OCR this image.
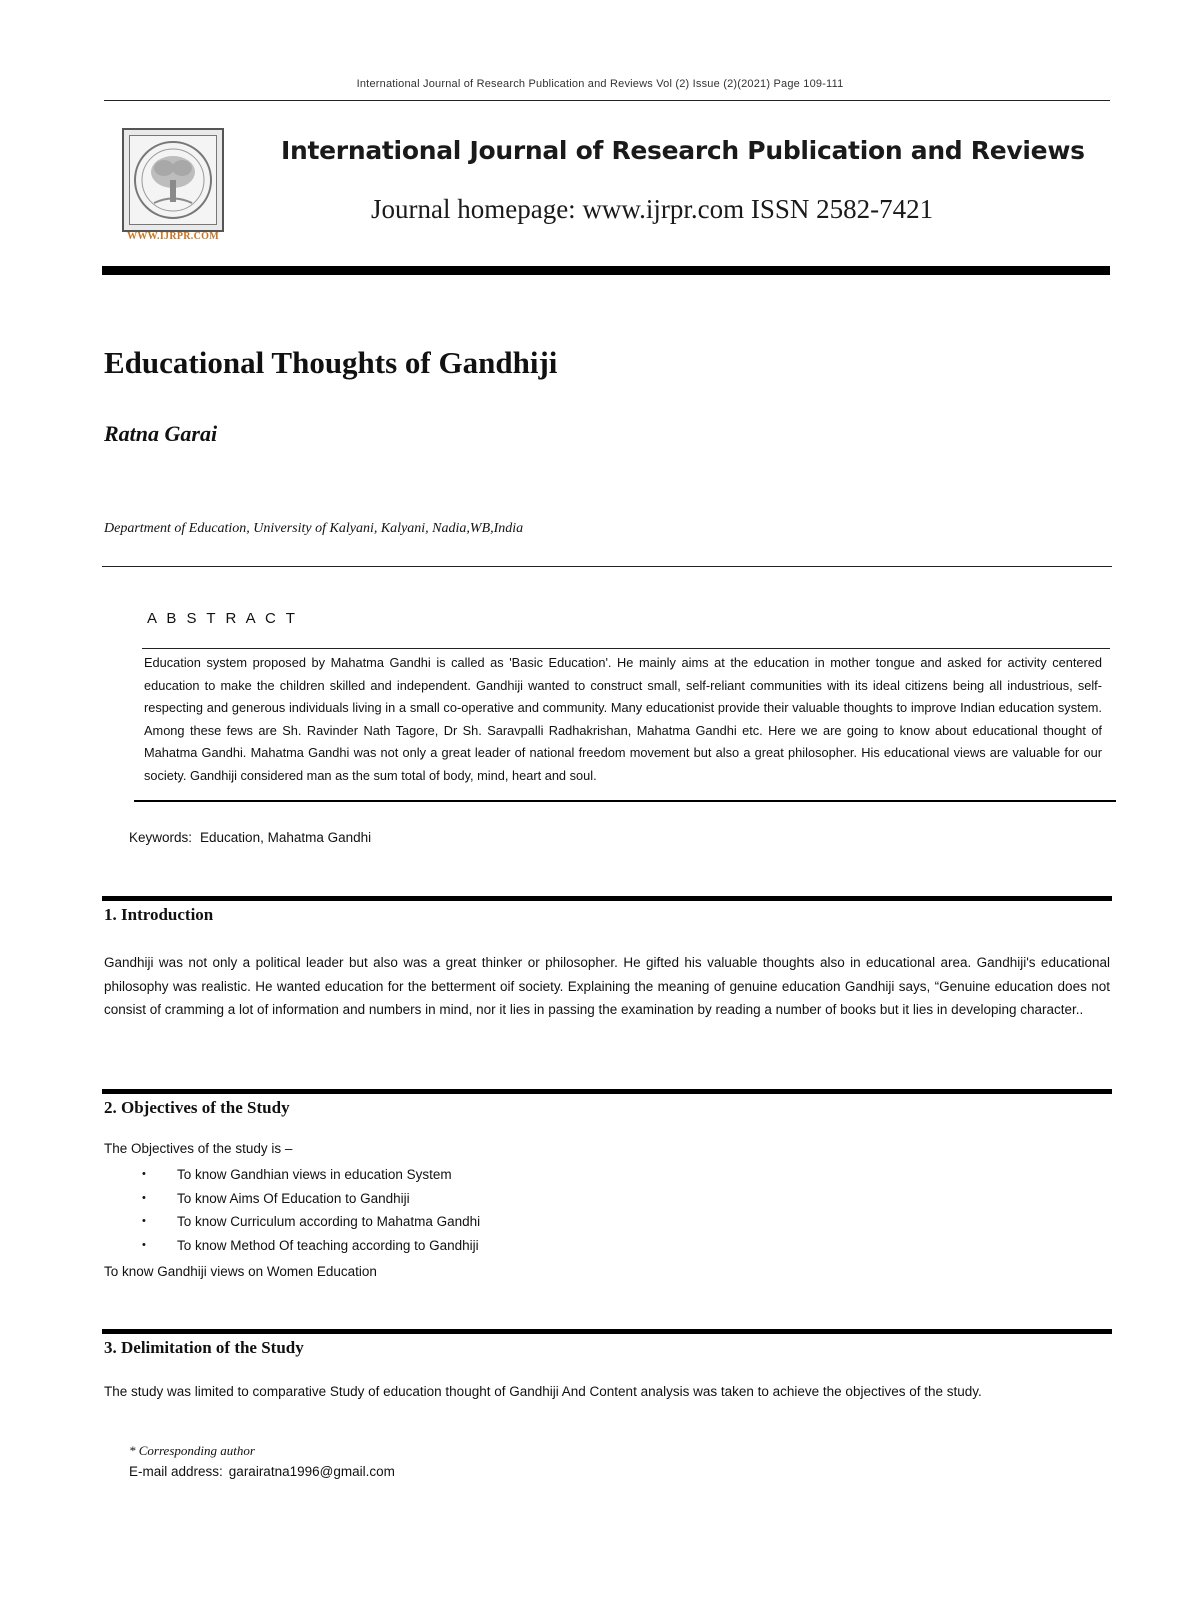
International Journal of Research Publication and Reviews Vol (2) Issue (2)(2021) Page 109-111
WWW.IJRPR.COM
International Journal of Research Publication and Reviews
Journal homepage: www.ijrpr.com ISSN 2582-7421
Educational Thoughts of Gandhiji
Ratna Garai
Department of Education, University of Kalyani, Kalyani, Nadia,WB,India
A B S T R A C T
Education system proposed by Mahatma Gandhi is called as 'Basic Education'. He mainly aims at the education in mother tongue and asked for activity centered education to make the children skilled and independent. Gandhiji wanted to construct small, self-reliant communities with its ideal citizens being all industrious, self-respecting and generous individuals living in a small co-operative and community. Many educationist provide their valuable thoughts to improve Indian education system. Among these fews are Sh. Ravinder Nath Tagore, Dr Sh. Saravpalli Radhakrishan, Mahatma Gandhi etc. Here we are going to know about educational thought of Mahatma Gandhi. Mahatma Gandhi was not only a great leader of national freedom movement but also a great philosopher. His educational views are valuable for our society. Gandhiji considered man as the sum total of body, mind, heart and soul.
Keywords: Education, Mahatma Gandhi
1. Introduction
Gandhiji was not only a political leader but also was a great thinker or philosopher. He gifted his valuable thoughts also in educational area. Gandhiji's educational philosophy was realistic. He wanted education for the betterment oif society. Explaining the meaning of genuine education Gandhiji says, “Genuine education does not consist of cramming a lot of information and numbers in mind, nor it lies in passing the examination by reading a number of books but it lies in developing character..
2. Objectives of the Study
The Objectives of the study is –
• To know Gandhian views in education System
• To know Aims Of Education to Gandhiji
• To know Curriculum according to Mahatma Gandhi
• To know Method Of teaching according to Gandhiji
To know Gandhiji views on Women Education
3. Delimitation of the Study
The study was limited to comparative Study of education thought of Gandhiji And Content analysis was taken to achieve the objectives of the study.
* Corresponding author
E-mail address: garairatna1996@gmail.com
